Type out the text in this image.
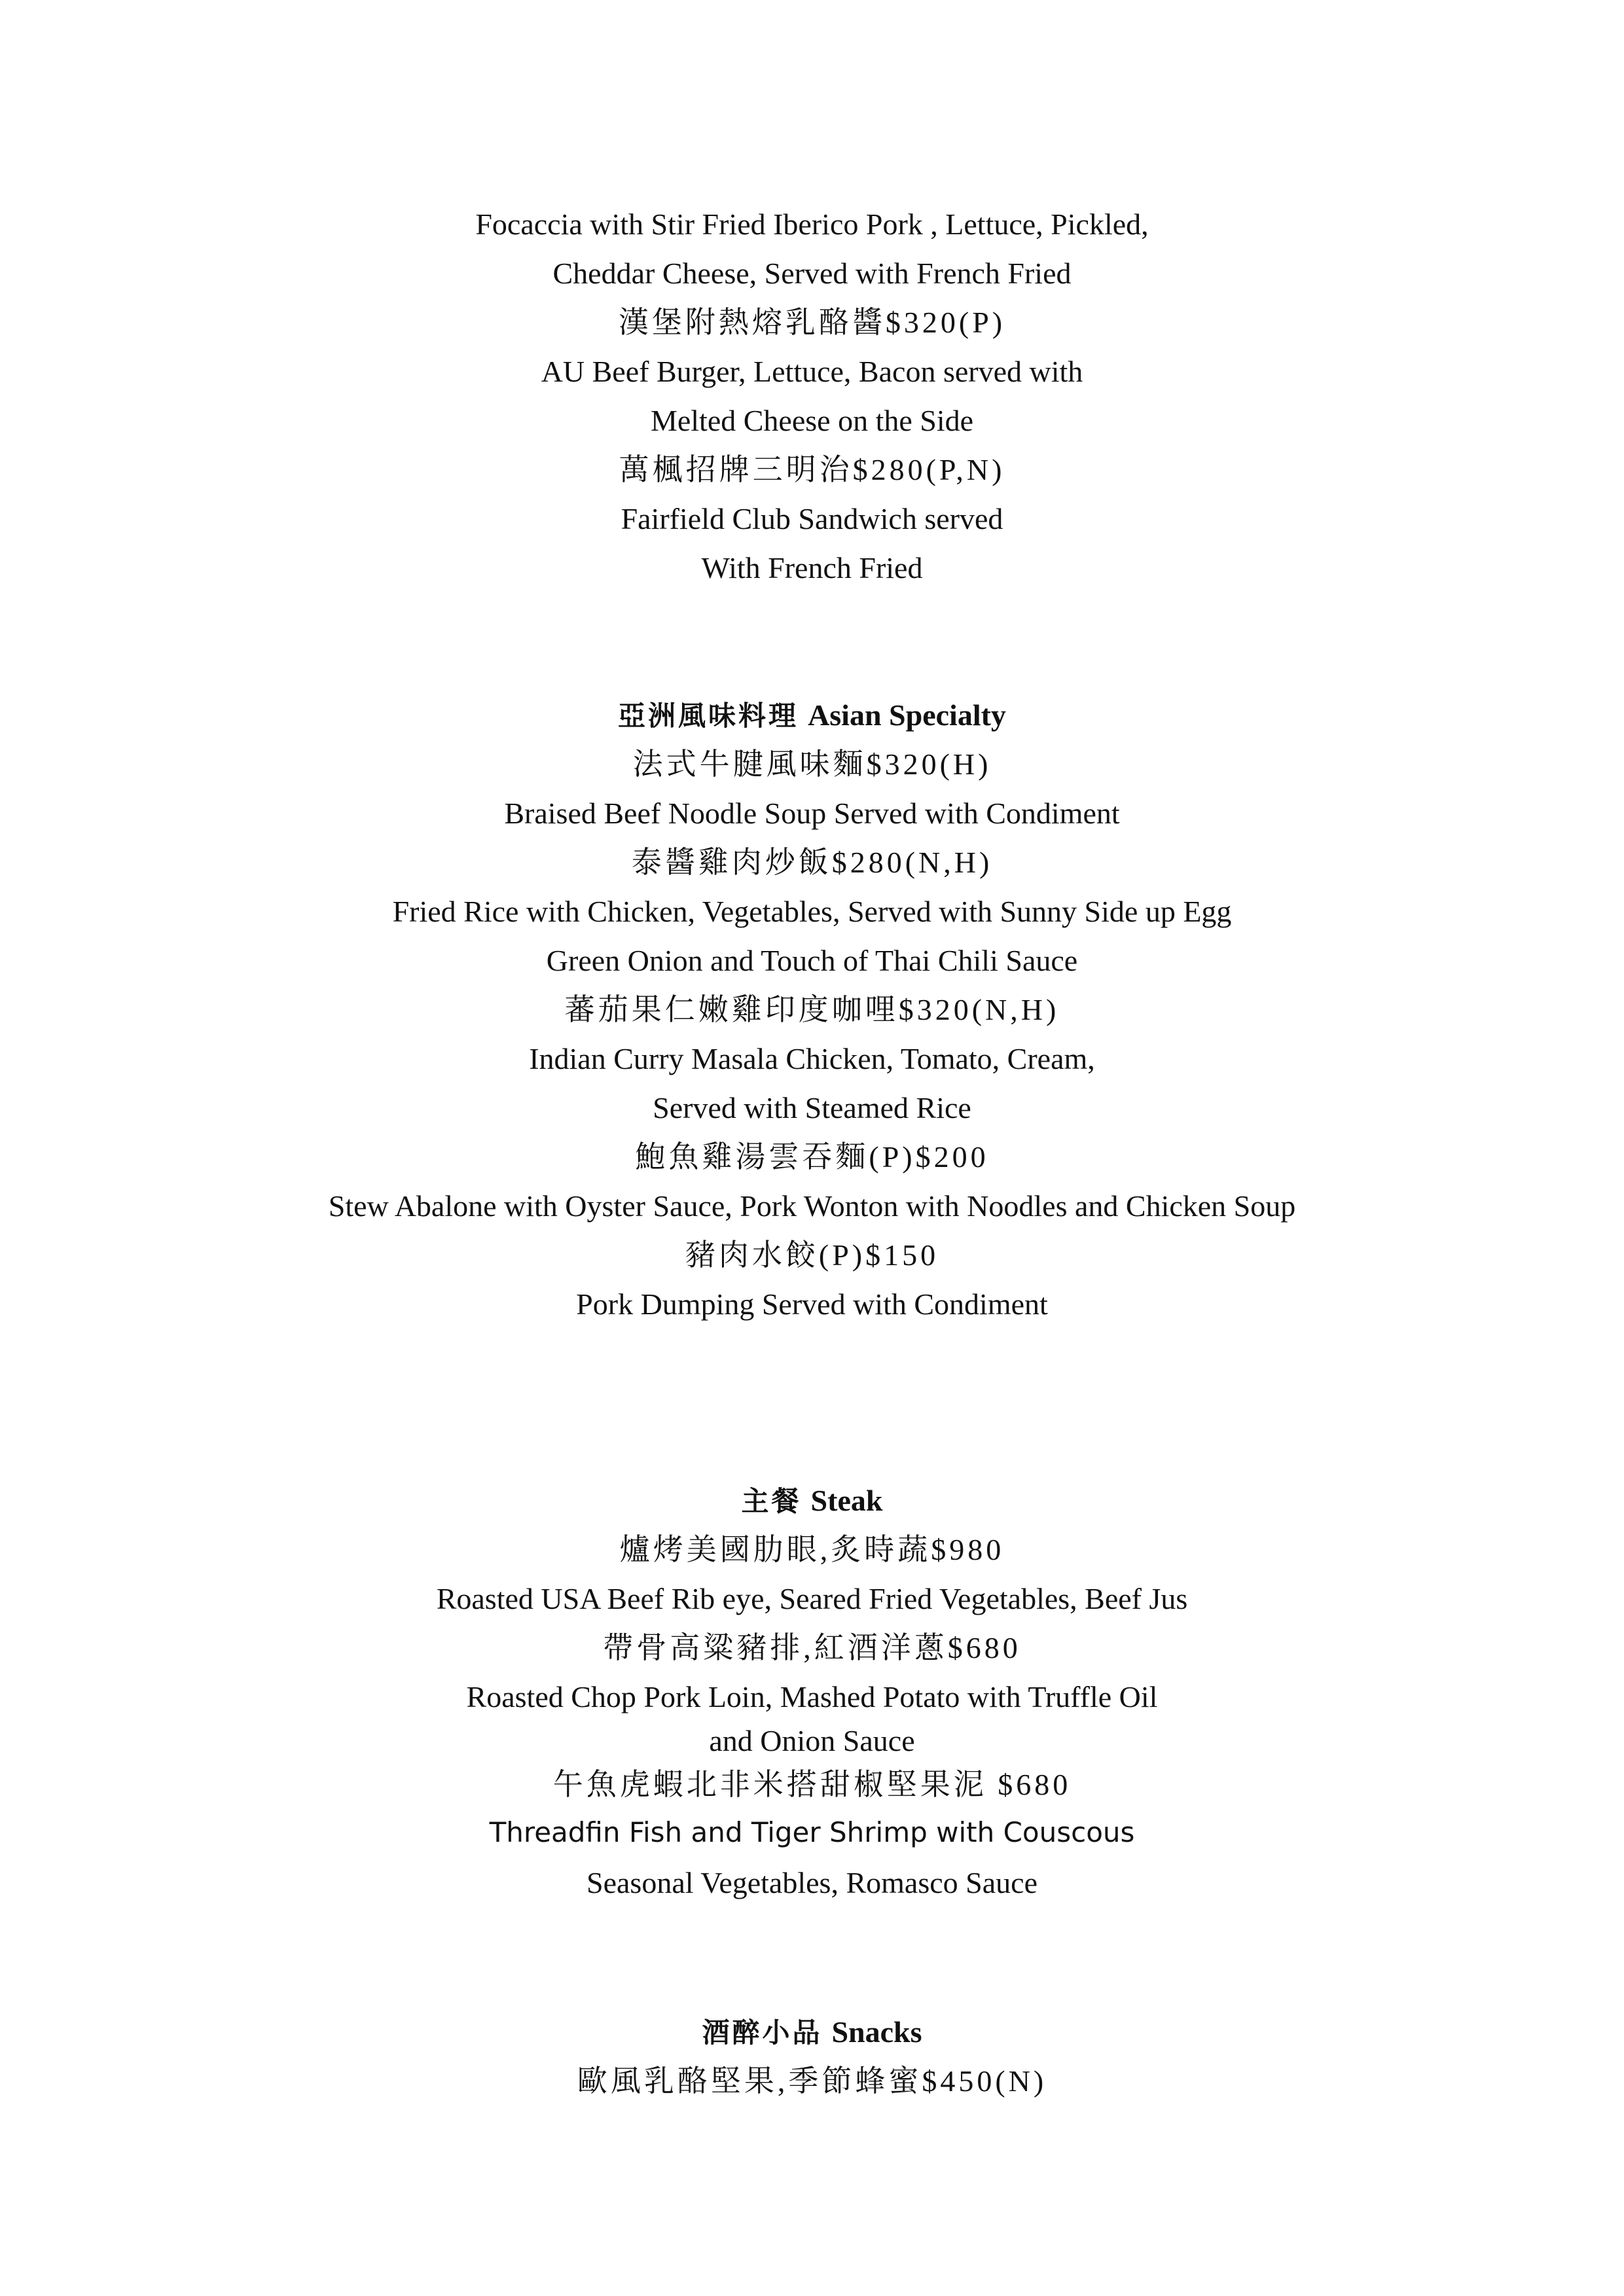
Focaccia with Stir Fried Iberico Pork , Lettuce, Pickled,
Cheddar Cheese, Served with French Fried
漢堡附熱熔乳酪醬$320(P)
AU Beef Burger, Lettuce, Bacon served with
Melted Cheese on the Side
萬楓招牌三明治$280(P,N)
Fairfield Club Sandwich served
With French Fried
亞洲風味料理 Asian Specialty
法式牛腱風味麵$320(H)
Braised Beef Noodle Soup Served with Condiment
泰醬雞肉炒飯$280(N,H)
Fried Rice with Chicken, Vegetables, Served with Sunny Side up Egg
Green Onion and Touch of Thai Chili Sauce
蕃茄果仁嫩雞印度咖哩$320(N,H)
Indian Curry Masala Chicken, Tomato, Cream,
Served with Steamed Rice
鮑魚雞湯雲吞麵(P)$200
Stew Abalone with Oyster Sauce, Pork Wonton with Noodles and Chicken Soup
豬肉水餃(P)$150
Pork Dumping Served with Condiment
主餐 Steak
爐烤美國肋眼,炙時蔬$980
Roasted USA Beef Rib eye, Seared Fried Vegetables, Beef Jus
帶骨高粱豬排,紅酒洋蔥$680
Roasted Chop Pork Loin, Mashed Potato with Truffle Oil
and Onion Sauce
午魚虎蝦北非米搭甜椒堅果泥 $680
Threadfin Fish and Tiger Shrimp with Couscous
Seasonal Vegetables, Romasco Sauce
酒醉小品 Snacks
歐風乳酪堅果,季節蜂蜜$450(N)
